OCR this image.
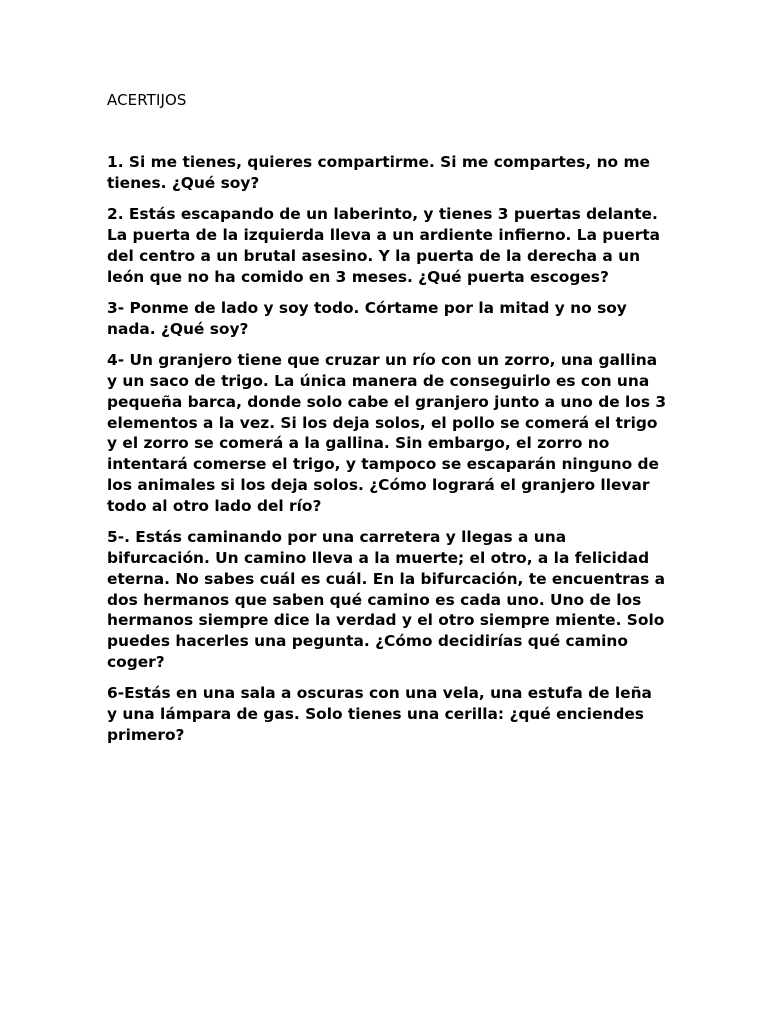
ACERTIJOS

1. Si me tienes, quieres compartirme. Si me compartes, no me tienes. ¿Qué soy?

2. Estás escapando de un laberinto, y tienes 3 puertas delante. La puerta de la izquierda lleva a un ardiente infierno. La puerta del centro a un brutal asesino. Y la puerta de la derecha a un león que no ha comido en 3 meses. ¿Qué puerta escoges?

3- Ponme de lado y soy todo. Córtame por la mitad y no soy nada. ¿Qué soy?

4- Un granjero tiene que cruzar un río con un zorro, una gallina y un saco de trigo. La única manera de conseguirlo es con una pequeña barca, donde solo cabe el granjero junto a uno de los 3 elementos a la vez. Si los deja solos, el pollo se comerá el trigo y el zorro se comerá a la gallina. Sin embargo, el zorro no intentará comerse el trigo, y tampoco se escaparán ninguno de los animales si los deja solos. ¿Cómo logrará el granjero llevar todo al otro lado del río?

5-. Estás caminando por una carretera y llegas a una bifurcación. Un camino lleva a la muerte; el otro, a la felicidad eterna. No sabes cuál es cuál. En la bifurcación, te encuentras a dos hermanos que saben qué camino es cada uno. Uno de los hermanos siempre dice la verdad y el otro siempre miente. Solo puedes hacerles una pegunta. ¿Cómo decidirías qué camino coger?

6-Estás en una sala a oscuras con una vela, una estufa de leña y una lámpara de gas. Solo tienes una cerilla: ¿qué enciendes primero?
